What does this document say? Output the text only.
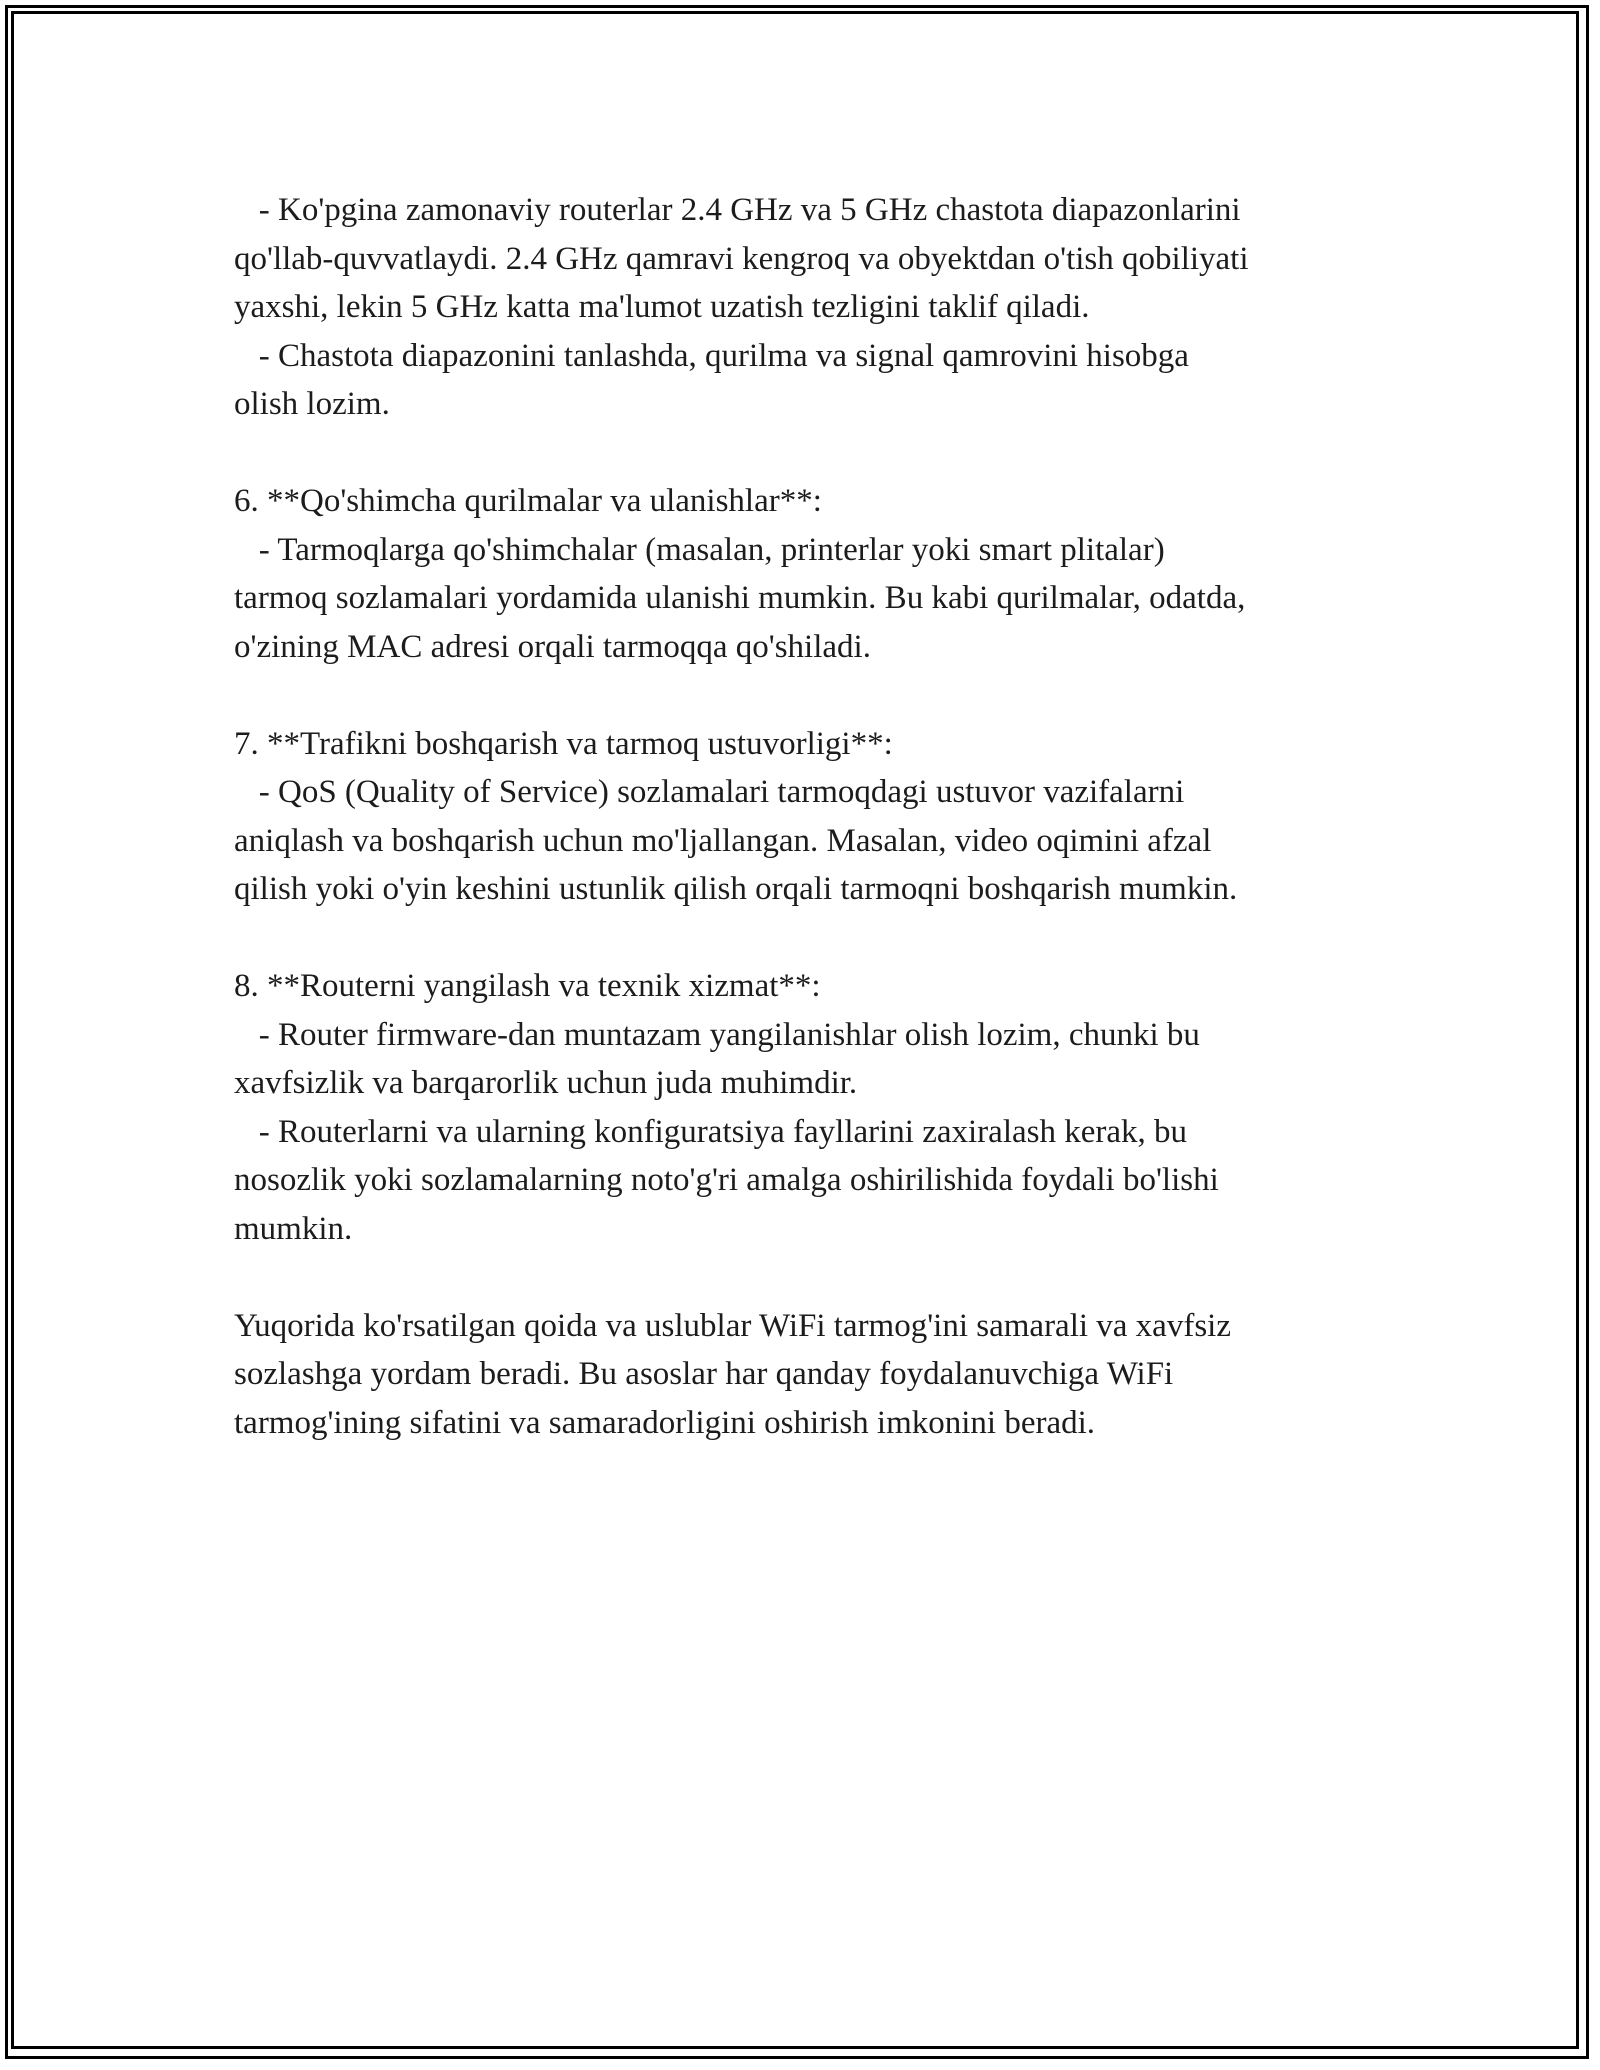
- Ko'pgina zamonaviy routerlar 2.4 GHz va 5 GHz chastota diapazonlarini
qo'llab-quvvatlaydi. 2.4 GHz qamravi kengroq va obyektdan o'tish qobiliyati
yaxshi, lekin 5 GHz katta ma'lumot uzatish tezligini taklif qiladi.
- Chastota diapazonini tanlashda, qurilma va signal qamrovini hisobga
olish lozim.
6. **Qo'shimcha qurilmalar va ulanishlar**:
- Tarmoqlarga qo'shimchalar (masalan, printerlar yoki smart plitalar)
tarmoq sozlamalari yordamida ulanishi mumkin. Bu kabi qurilmalar, odatda,
o'zining MAC adresi orqali tarmoqqa qo'shiladi.
7. **Trafikni boshqarish va tarmoq ustuvorligi**:
- QoS (Quality of Service) sozlamalari tarmoqdagi ustuvor vazifalarni
aniqlash va boshqarish uchun mo'ljallangan. Masalan, video oqimini afzal
qilish yoki o'yin keshini ustunlik qilish orqali tarmoqni boshqarish mumkin.
8. **Routerni yangilash va texnik xizmat**:
- Router firmware-dan muntazam yangilanishlar olish lozim, chunki bu
xavfsizlik va barqarorlik uchun juda muhimdir.
- Routerlarni va ularning konfiguratsiya fayllarini zaxiralash kerak, bu
nosozlik yoki sozlamalarning noto'g'ri amalga oshirilishida foydali bo'lishi
mumkin.
Yuqorida ko'rsatilgan qoida va uslublar WiFi tarmog'ini samarali va xavfsiz
sozlashga yordam beradi. Bu asoslar har qanday foydalanuvchiga WiFi
tarmog'ining sifatini va samaradorligini oshirish imkonini beradi.
